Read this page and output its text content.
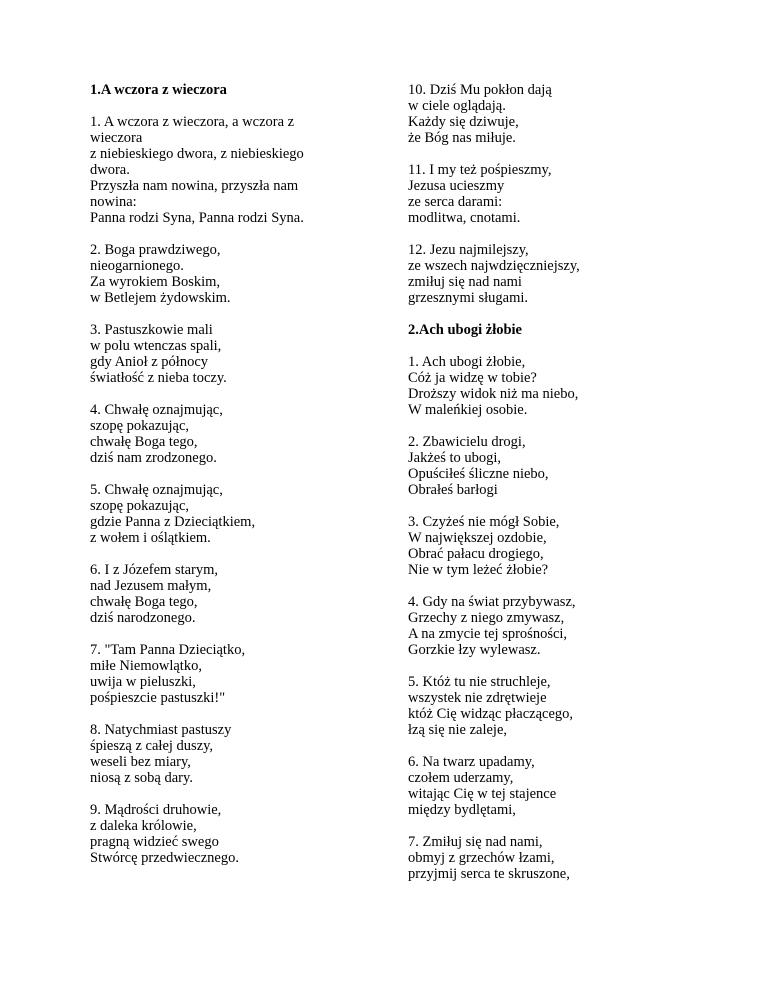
1.A wczora z wieczora
1. A wczora z wieczora, a wczora z
wieczora
z niebieskiego dwora, z niebieskiego
dwora.
Przyszła nam nowina, przyszła nam
nowina:
Panna rodzi Syna, Panna rodzi Syna.
2. Boga prawdziwego,
nieogarnionego.
Za wyrokiem Boskim,
w Betlejem żydowskim.
3. Pastuszkowie mali
w polu wtenczas spali,
gdy Anioł z północy
światłość z nieba toczy.
4. Chwałę oznajmując,
szopę pokazując,
chwałę Boga tego,
dziś nam zrodzonego.
5. Chwałę oznajmując,
szopę pokazując,
gdzie Panna z Dzieciątkiem,
z wołem i oślątkiem.
6. I z Józefem starym,
nad Jezusem małym,
chwałę Boga tego,
dziś narodzonego.
7. "Tam Panna Dzieciątko,
miłe Niemowlątko,
uwija w pieluszki,
pośpieszcie pastuszki!"
8. Natychmiast pastuszy
śpieszą z całej duszy,
weseli bez miary,
niosą z sobą dary.
9. Mądrości druhowie,
z daleka królowie,
pragną widzieć swego
Stwórcę przedwiecznego.
10. Dziś Mu pokłon dają
w ciele oglądają.
Każdy się dziwuje,
że Bóg nas miłuje.
11. I my też pośpieszmy,
Jezusa ucieszmy
ze serca darami:
modlitwa, cnotami.
12. Jezu najmilejszy,
ze wszech najwdzięczniejszy,
zmiłuj się nad nami
grzesznymi sługami.
2.Ach ubogi żłobie
1. Ach ubogi żłobie,
Cóż ja widzę w tobie?
Droższy widok niż ma niebo,
W maleńkiej osobie.
2. Zbawicielu drogi,
Jakżeś to ubogi,
Opuściłeś śliczne niebo,
Obrałeś barłogi
3. Czyżeś nie mógł Sobie,
W największej ozdobie,
Obrać pałacu drogiego,
Nie w tym leżeć żłobie?
4. Gdy na świat przybywasz,
Grzechy z niego zmywasz,
A na zmycie tej sprośności,
Gorzkie łzy wylewasz.
5. Któż tu nie struchleje,
wszystek nie zdrętwieje
któż Cię widząc płaczącego,
łzą się nie zaleje,
6. Na twarz upadamy,
czołem uderzamy,
witając Cię w tej stajence
między bydlętami,
7. Zmiłuj się nad nami,
obmyj z grzechów łzami,
przyjmij serca te skruszone,
